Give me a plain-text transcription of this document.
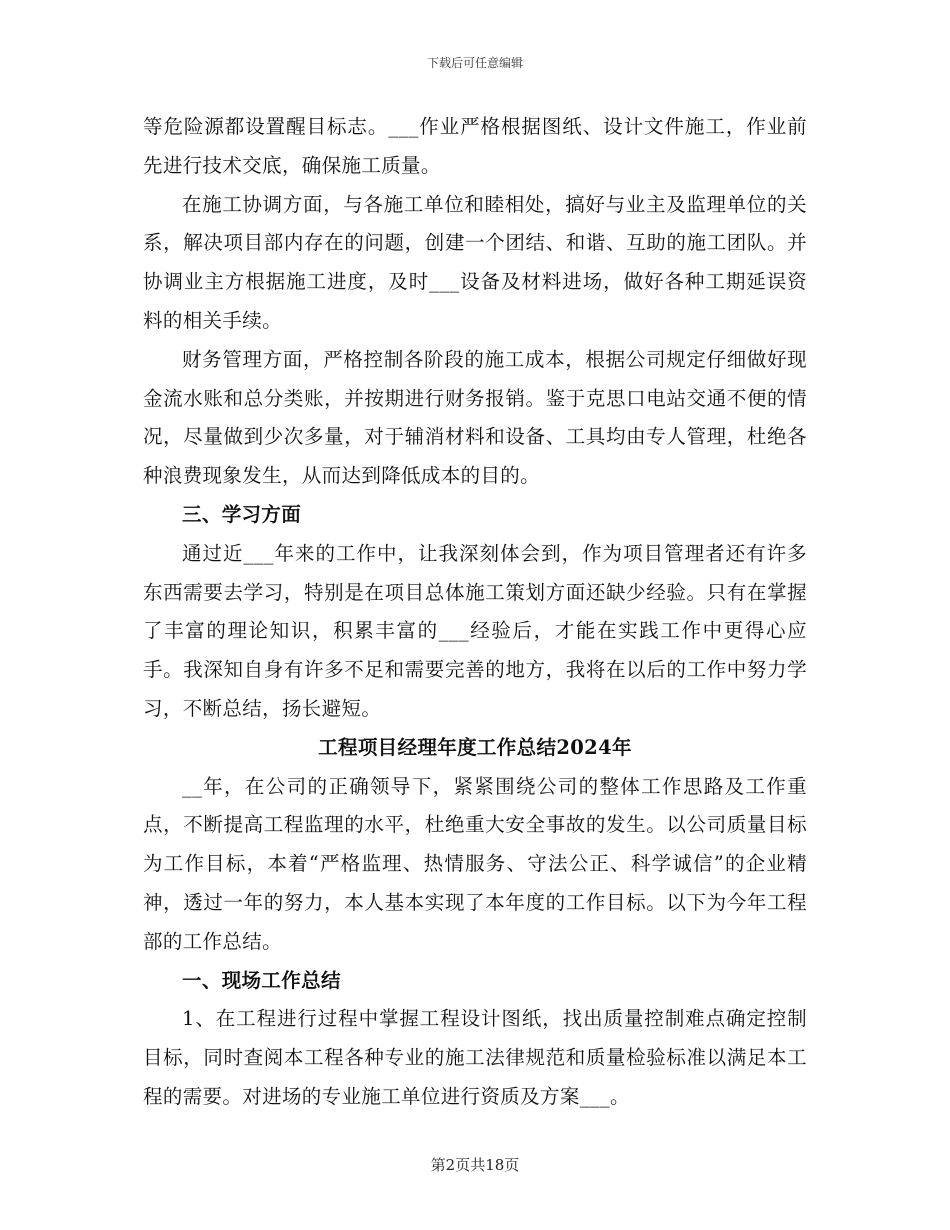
下载后可任意编辑

等危险源都设置醒目标志。___作业严格根据图纸、设计文件施工，作业前先进行技术交底，确保施工质量。

在施工协调方面，与各施工单位和睦相处，搞好与业主及监理单位的关系，解决项目部内存在的问题，创建一个团结、和谐、互助的施工团队。并协调业主方根据施工进度，及时___设备及材料进场，做好各种工期延误资料的相关手续。

财务管理方面，严格控制各阶段的施工成本，根据公司规定仔细做好现金流水账和总分类账，并按期进行财务报销。鉴于克思口电站交通不便的情况，尽量做到少次多量，对于辅消材料和设备、工具均由专人管理，杜绝各种浪费现象发生，从而达到降低成本的目的。

三、学习方面

通过近___年来的工作中，让我深刻体会到，作为项目管理者还有许多东西需要去学习，特别是在项目总体施工策划方面还缺少经验。只有在掌握了丰富的理论知识，积累丰富的___经验后，才能在实践工作中更得心应手。我深知自身有许多不足和需要完善的地方，我将在以后的工作中努力学习，不断总结，扬长避短。

工程项目经理年度工作总结2024年

__年，在公司的正确领导下，紧紧围绕公司的整体工作思路及工作重点，不断提高工程监理的水平，杜绝重大安全事故的发生。以公司质量目标为工作目标，本着“严格监理、热情服务、守法公正、科学诚信”的企业精神，透过一年的努力，本人基本实现了本年度的工作目标。以下为今年工程部的工作总结。

一、现场工作总结

1、在工程进行过程中掌握工程设计图纸，找出质量控制难点确定控制目标，同时查阅本工程各种专业的施工法律规范和质量检验标准以满足本工程的需要。对进场的专业施工单位进行资质及方案___。

第2页共18页
